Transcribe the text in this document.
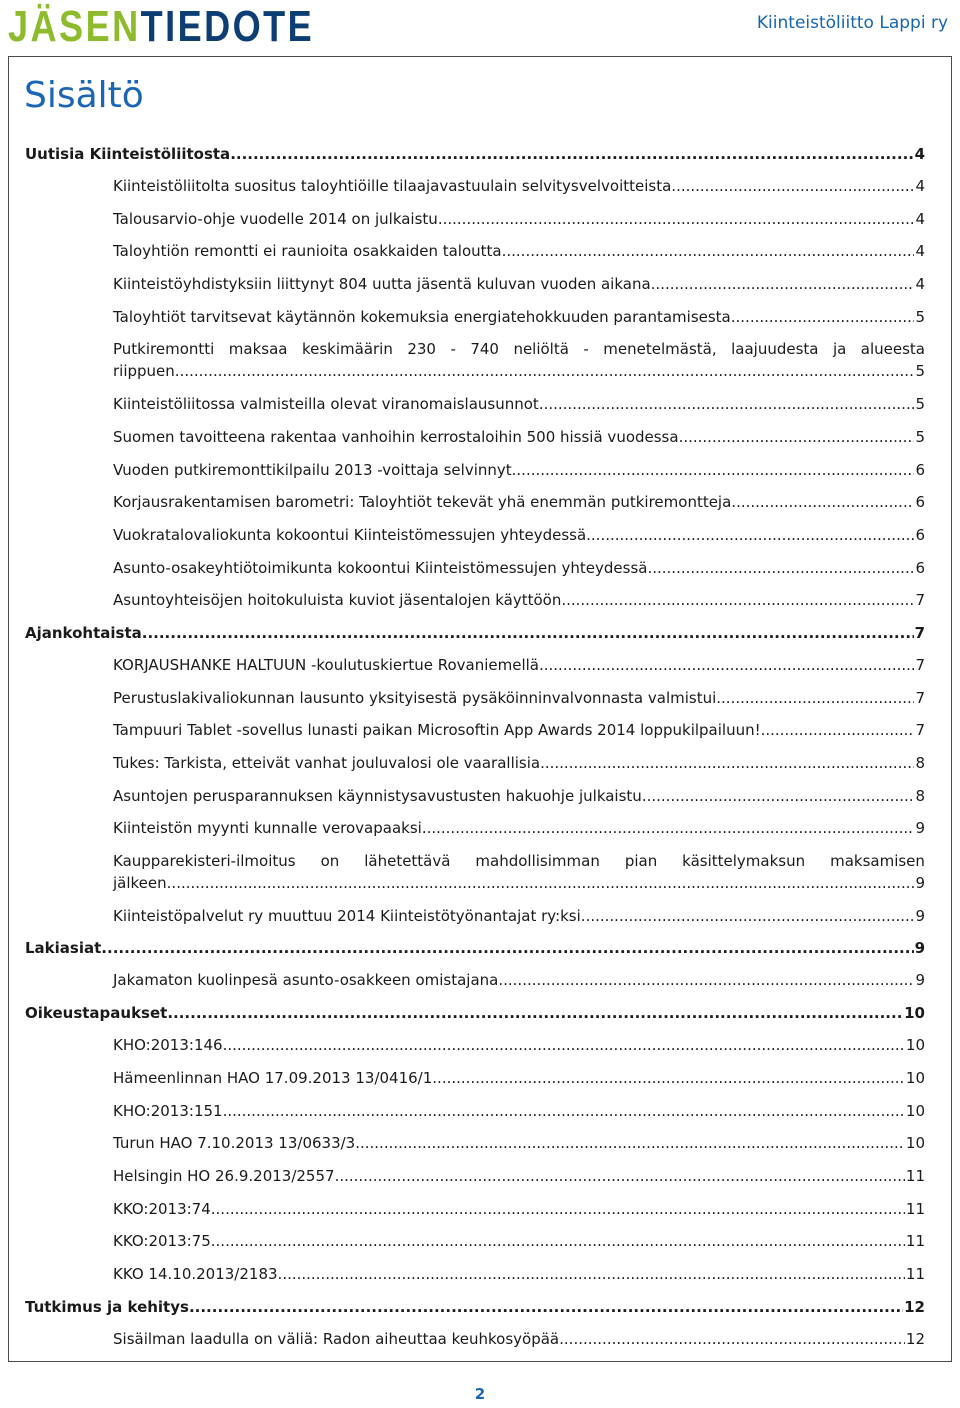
JÄSENTIEDOTE	Kiinteistöliitto Lappi ry
Sisältö
Uutisia Kiinteistöliitosta .....	4
Kiinteistöliitolta suositus taloyhtiöille tilaajavastuulain selvitysvelvoitteista .....	4
Talousarvio-ohje vuodelle 2014 on julkaistu .....	4
Taloyhtiön remontti ei raunioita osakkaiden taloutta .....	4
Kiinteistöyhdistyksiin liittynyt 804 uutta jäsentä kuluvan vuoden aikana .....	4
Taloyhtiöt tarvitsevat käytännön kokemuksia energiatehokkuuden parantamisesta .....	5
Putkiremontti maksaa keskimäärin 230 - 740 neliöltä - menetelmästä, laajuudesta ja alueesta
riippuen .....	5
Kiinteistöliitossa valmisteilla olevat viranomaislausunnot .....	5
Suomen tavoitteena rakentaa vanhoihin kerrostaloihin 500 hissiä vuodessa .....	5
Vuoden putkiremonttikilpailu 2013 -voittaja selvinnyt .....	6
Korjausrakentamisen barometri: Taloyhtiöt tekevät yhä enemmän putkiremontteja .....	6
Vuokratalovaliokunta kokoontui Kiinteistömessujen yhteydessä .....	6
Asunto-osakeyhtiötoimikunta kokoontui Kiinteistömessujen yhteydessä .....	6
Asuntoyhteisöjen hoitokuluista kuviot jäsentalojen käyttöön .....	7
Ajankohtaista .....	7
KORJAUSHANKE HALTUUN -koulutuskiertue Rovaniemellä .....	7
Perustuslakivaliokunnan lausunto yksityisestä pysäköinninvalvonnasta valmistui .....	7
Tampuuri Tablet -sovellus lunasti paikan Microsoftin App Awards 2014 loppukilpailuun! .....	7
Tukes: Tarkista, etteivät vanhat jouluvalosi ole vaarallisia .....	8
Asuntojen perusparannuksen käynnistysavustusten hakuohje julkaistu .....	8
Kiinteistön myynti kunnalle verovapaaksi .....	9
Kaupparekisteri-ilmoitus on lähetettävä mahdollisimman pian käsittelymaksun maksamisen
jälkeen .....	9
Kiinteistöpalvelut ry muuttuu 2014 Kiinteistötyönantajat ry:ksi .....	9
Lakiasiat .....	9
Jakamaton kuolinpesä asunto-osakkeen omistajana .....	9
Oikeustapaukset .....	10
KHO:2013:146 .....	10
Hämeenlinnan HAO 17.09.2013 13/0416/1 .....	10
KHO:2013:151 .....	10
Turun HAO 7.10.2013 13/0633/3 .....	10
Helsingin HO 26.9.2013/2557 .....	11
KKO:2013:74 .....	11
KKO:2013:75 .....	11
KKO 14.10.2013/2183 .....	11
Tutkimus ja kehitys .....	12
Sisäilman laadulla on väliä: Radon aiheuttaa keuhkosyöpää .....	12
2
